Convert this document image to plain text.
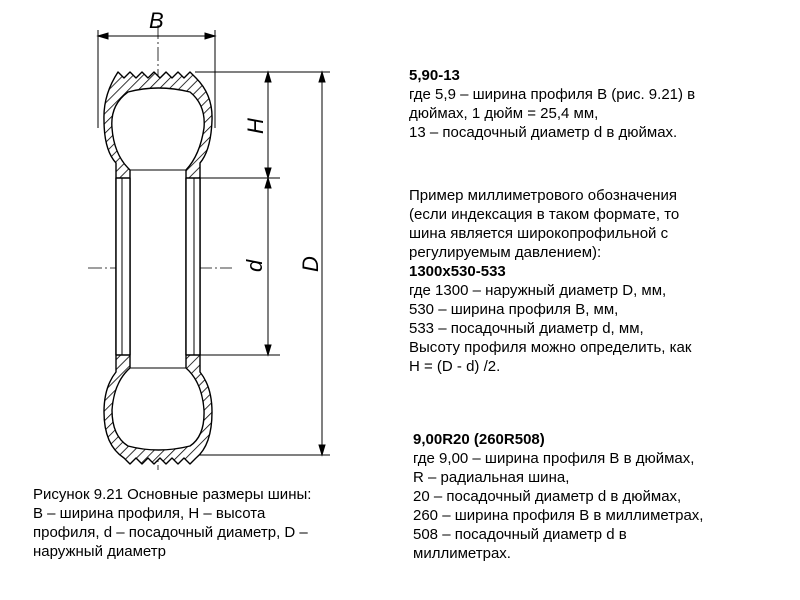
B
H
d D
Рисунок 9.21 Основные размеры шины:
B – ширина профиля, H – высота
профиля, d – посадочный диаметр, D –
наружный диаметр
5,90-13
где 5,9 – ширина профиля B (рис. 9.21) в
дюймах, 1 дюйм = 25,4 мм,
13 – посадочный диаметр d в дюймах.
Пример миллиметрового обозначения
(если индексация в таком формате, то
шина является широкопрофильной с
регулируемым давлением):
1300x530-533
где 1300 – наружный диаметр D, мм,
530 – ширина профиля B, мм,
533 – посадочный диаметр d, мм,
Высоту профиля можно определить, как
H = (D - d) /2.
9,00R20 (260R508)
где 9,00 – ширина профиля B в дюймах,
R – радиальная шина,
20 – посадочный диаметр d в дюймах,
260 – ширина профиля B в миллиметрах,
508 – посадочный диаметр d в
миллиметрах.
